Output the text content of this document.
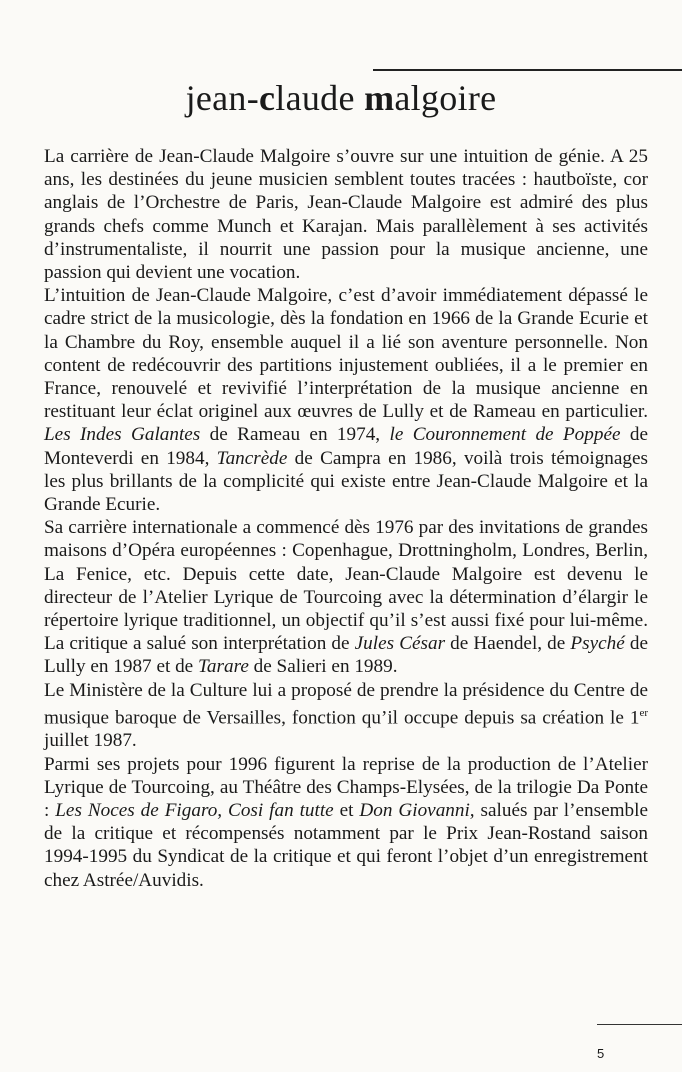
jean-claude malgoire

La carrière de Jean-Claude Malgoire s’ouvre sur une intuition de génie. A 25 ans, les destinées du jeune musicien semblent toutes tracées : hautboïste, cor anglais de l’Orchestre de Paris, Jean-Claude Malgoire est admiré des plus grands chefs comme Munch et Karajan. Mais parallèlement à ses activités d’instrumentaliste, il nourrit une passion pour la musique ancienne, une passion qui devient une vocation.

L’intuition de Jean-Claude Malgoire, c’est d’avoir immédiatement dépassé le cadre strict de la musicologie, dès la fondation en 1966 de la Grande Ecurie et la Chambre du Roy, ensemble auquel il a lié son aventure personnelle. Non content de redécouvrir des partitions injustement oubliées, il a le premier en France, renouvelé et revivifié l’interprétation de la musique ancienne en restituant leur éclat originel aux œuvres de Lully et de Rameau en particulier. Les Indes Galantes de Rameau en 1974, le Couronnement de Poppée de Monteverdi en 1984, Tancrède de Campra en 1986, voilà trois témoignages les plus brillants de la complicité qui existe entre Jean-Claude Malgoire et la Grande Ecurie.

Sa carrière internationale a commencé dès 1976 par des invitations de grandes maisons d’Opéra européennes : Copenhague, Drottningholm, Londres, Berlin, La Fenice, etc. Depuis cette date, Jean-Claude Malgoire est devenu le directeur de l’Atelier Lyrique de Tourcoing avec la détermination d’élargir le répertoire lyrique traditionnel, un objectif qu’il s’est aussi fixé pour lui-même. La critique a salué son interprétation de Jules César de Haendel, de Psyché de Lully en 1987 et de Tarare de Salieri en 1989.

Le Ministère de la Culture lui a proposé de prendre la présidence du Centre de musique baroque de Versailles, fonction qu’il occupe depuis sa création le 1er juillet 1987.

Parmi ses projets pour 1996 figurent la reprise de la production de l’Atelier Lyrique de Tourcoing, au Théâtre des Champs-Elysées, de la trilogie Da Ponte : Les Noces de Figaro, Cosi fan tutte et Don Giovanni, salués par l’ensemble de la critique et récompensés notamment par le Prix Jean-Rostand saison 1994-1995 du Syndicat de la critique et qui feront l’objet d’un enregistrement chez Astrée/Auvidis.

5
